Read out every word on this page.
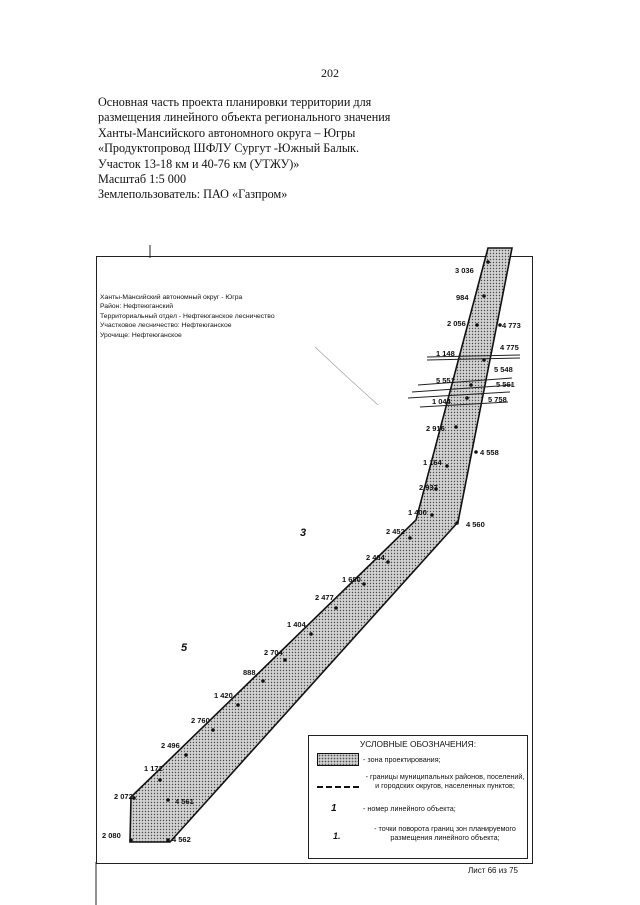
202
Основная часть проекта планировки территории для
размещения линейного объекта регионального значения
Ханты-Мансийского автономного округа – Югры
«Продуктопровод ШФЛУ Сургут -Южный Балык.
Участок 13-18 км и 40-76 км (УТЖУ)»
Масштаб 1:5 000
Землепользователь: ПАО «Газпром»
3 036
984
2 056	4 773
4 775
1 148
5 548
5 551	5 561
1 044	5 758
2 916
4 558
1 164
2 937
1 400
4 560
2 452
2 464
1 680
2 477
1 404
2 704
888
1 420
2 760
2 496
1 172
2 072
4 561
2 080	4 562
3
5
Ханты-Мансийский автономный округ - Югра
Район: Нефтеюганский
Территориальный отдел - Нефтеюганское лесничество
Участковое лесничество: Нефтеюганское
Урочище: Нефтеюганское
УСЛОВНЫЕ ОБОЗНАЧЕНИЯ:
- зона проектирования;
- границы муниципальных районов, поселений, и городских округов, населенных пунктов;
1	- номер линейного объекта;
1.
- точки поворота границ зон планируемого размещения линейного объекта;
Лист 66 из 75
